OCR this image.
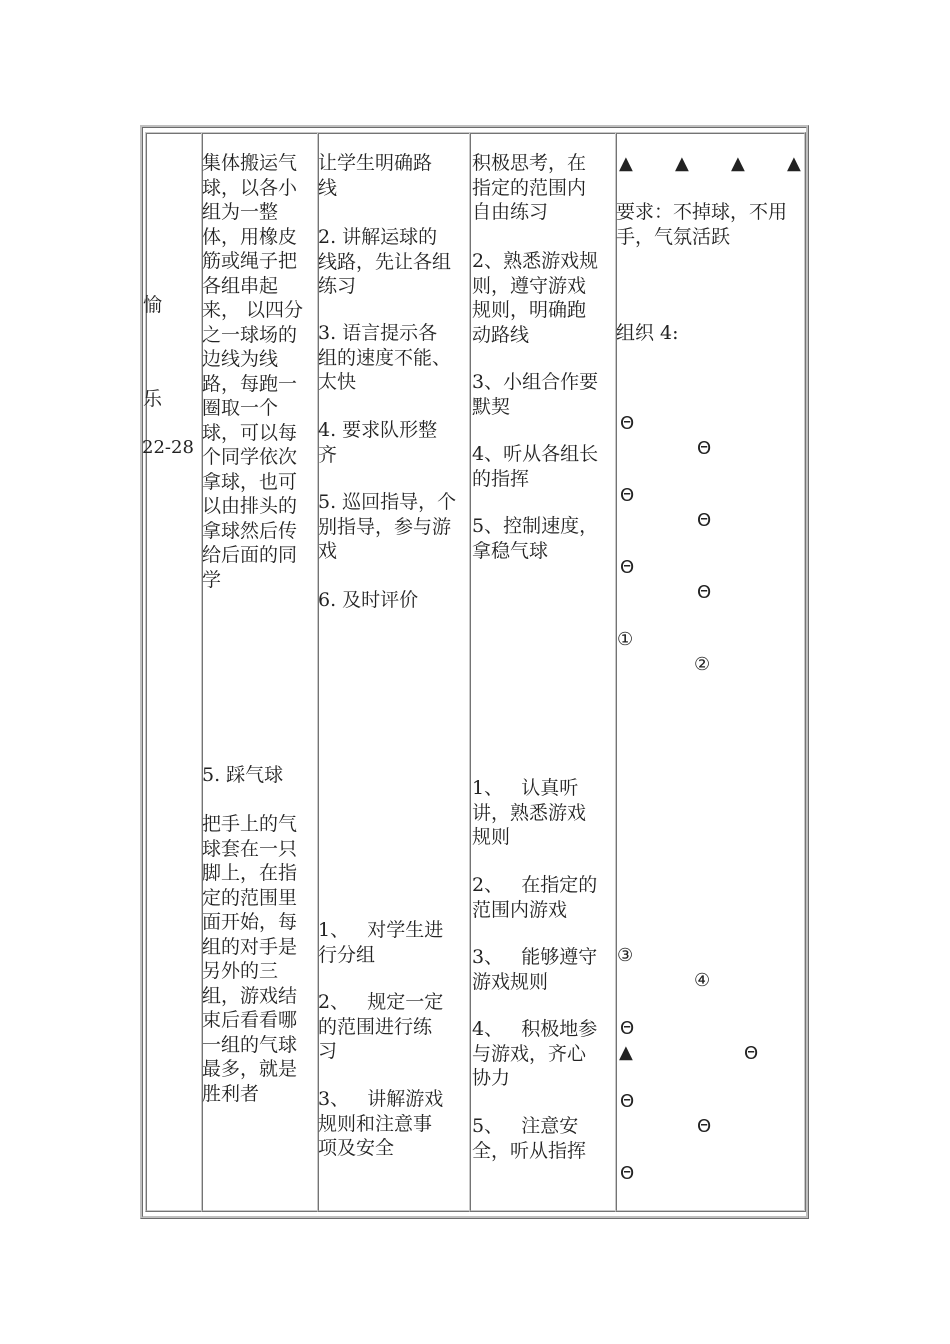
愉
乐
22-28
集体搬运气
球，以各小
组为一整
体，用橡皮
筋或绳子把
各组串起
来， 以四分
之一球场的
边线为线
路，每跑一
圈取一个
球，可以每
个同学依次
拿球，也可
以由排头的
拿球然后传
给后面的同
学
5. 踩气球
把手上的气
球套在一只
脚上，在指
定的范围里
面开始，每
组的对手是
另外的三
组，游戏结
束后看看哪
一组的气球
最多，就是
胜利者
让学生明确路
线
2. 讲解运球的
线路，先让各组
练习
3. 语言提示各
组的速度不能、
太快
4. 要求队形整
齐
5. 巡回指导，个
别指导，参与游
戏
6. 及时评价
1、   对学生进
行分组
2、   规定一定
的范围进行练
习
3、   讲解游戏
规则和注意事
项及安全
积极思考，在
指定的范围内
自由练习
2、熟悉游戏规
则，遵守游戏
规则，明确跑
动路线
3、小组合作要
默契
4、听从各组长
的指挥
5、控制速度，
拿稳气球
1、   认真听
讲，熟悉游戏
规则
2、   在指定的
范围内游戏
3、   能够遵守
游戏规则
4、   积极地参
与游戏，齐心
协力
5、   注意安
全，听从指挥
▲ ▲ ▲ ▲
要求：不掉球，不用
手，气氛活跃
组织 4:
Θ
Θ
Θ
Θ
Θ
Θ
①
②
③
④
Θ
▲	Θ
Θ
Θ
Θ
